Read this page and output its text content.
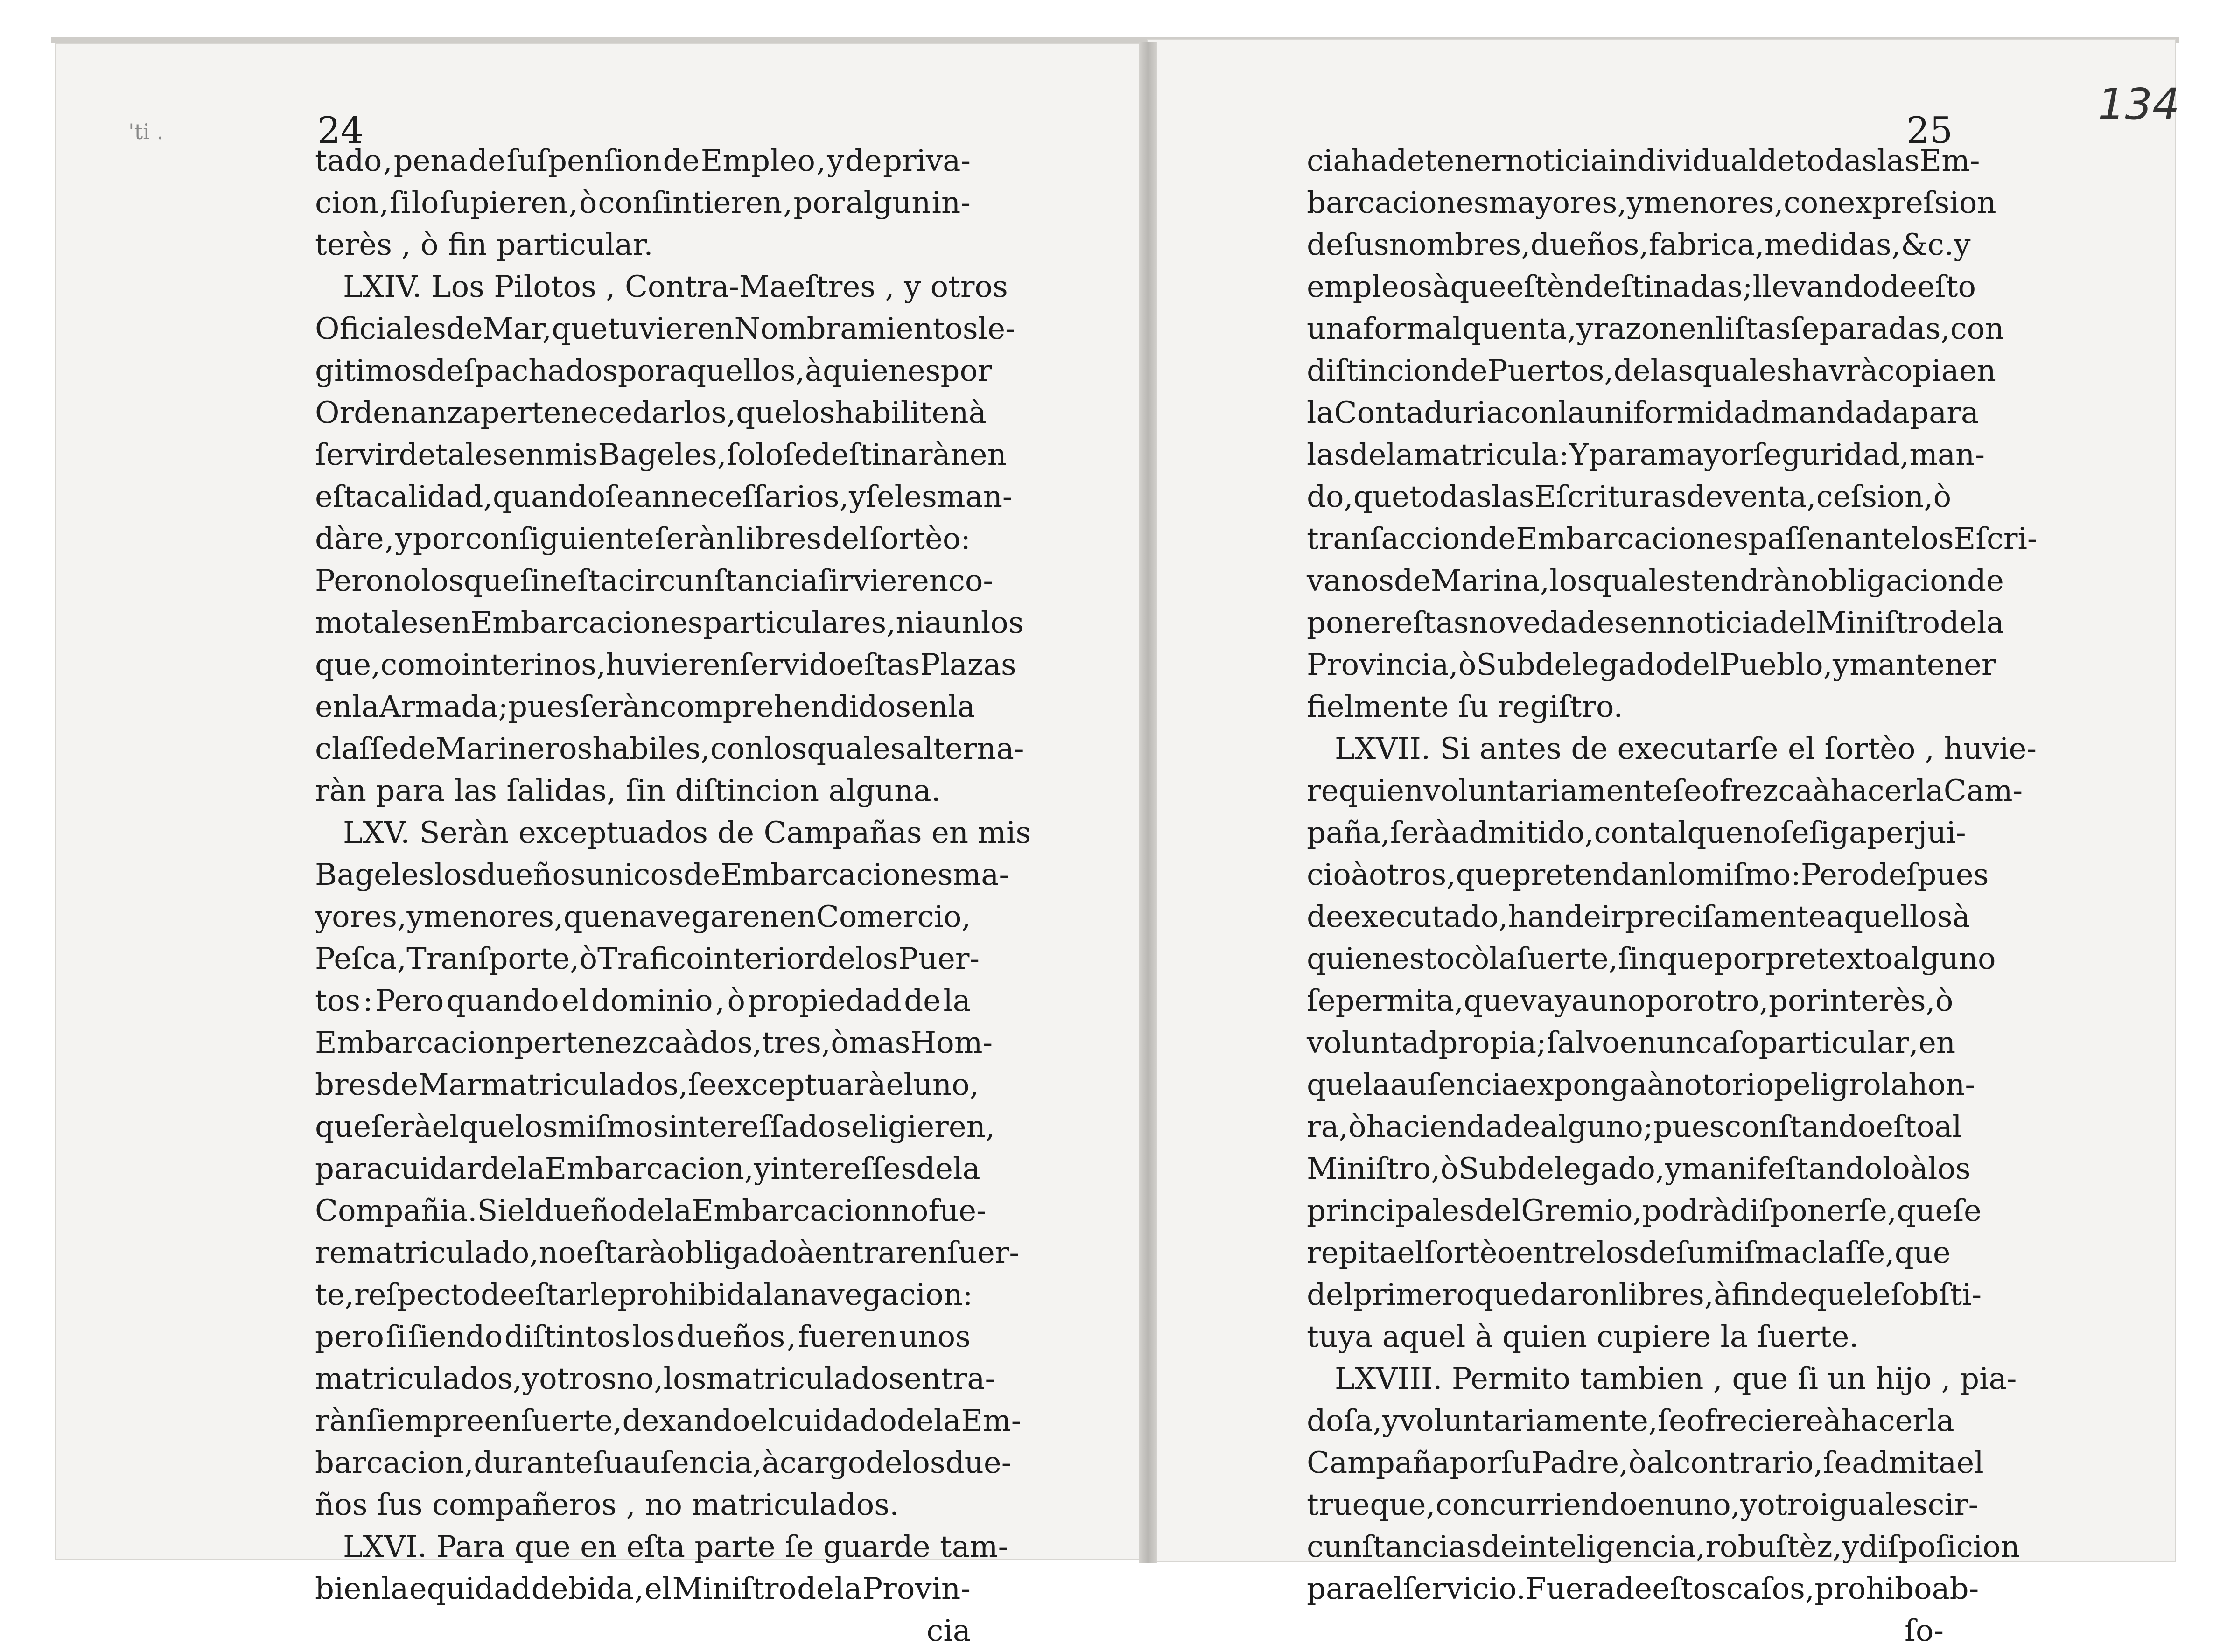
'ti .
134
24
tado , pena de ſuſpenſion de Empleo , y de priva-
cion , ſi lo ſupieren , ò conſintieren , por algun in-
terès , ò fin particular.
LXIV. Los Pilotos , Contra-Maeſtres , y otros
Oficiales de Mar, que tuvieren Nombramientos le-
gitimos deſpachados por aquellos , à quienes por
Ordenanza pertenece darlos , que los habiliten à
ſervir de tales en mis Bageles , ſolo ſe deſtinaràn en
eſta calidad , quando ſean neceſſarios, y ſe les man-
dàre , y por conſiguiente ſeràn libres del ſortèo:
Pero no los que ſin eſta circunſtancia ſirvieren co-
mo tales en Embarcaciones particulares, ni aun los
que , como interinos , huvieren ſervido eſtas Plazas
en la Armada ; pues ſeràn comprehendidos en la
claſſe de Marineros habiles , con los quales alterna-
ràn para las ſalidas, ſin diſtincion alguna.
LXV. Seràn exceptuados de Campañas en mis
Bageles los dueños unicos de Embarcaciones ma-
yores , y menores , que navegaren en Comercio,
Peſca , Tranſporte , ò Trafico interior de los Puer-
tos : Pero quando el dominio , ò propiedad de la
Embarcacion pertenezca à dos , tres , ò mas Hom-
bres de Mar matriculados , ſe exceptuarà el uno,
que ſerà el que los miſmos intereſſados eligieren,
para cuidar de la Embarcacion , y intereſſes de la
Compañia. Si el dueño de la Embarcacion no fue-
re matriculado, no eſtarà obligado à entrar en ſuer-
te , reſpecto de eſtarle prohibida la navegacion:
pero ſi ſiendo diſtintos los dueños , fueren unos
matriculados , y otros no , los matriculados entra-
ràn ſiempre en ſuerte,dexando el cuidado de la Em-
barcacion, durante ſu auſencia, à cargo de los due-
ños ſus compañeros , no matriculados.
LXVI. Para que en eſta parte ſe guarde tam-
bien la equidad debida , el Miniſtro de la Provin-
cia
25
cia ha de tener noticia individual de todas las Em-
barcaciones mayores , y menores , con expreſsion
de ſus nombres , dueños , fabrica , medidas , &c. y
empleos à que eſtèn deſtinadas ; llevando de eſto
una formal quenta, y razon en liſtas ſeparadas, con
diſtincion de Puertos, de las quales havrà copia en
la Contaduria con la uniformidad mandada para
las de la matricula: Y para mayor ſeguridad, man-
do , que todas las Eſcrituras de venta , ceſsion , ò
tranſaccion de Embarcaciones paſſen ante los Eſcri-
vanos de Marina , los quales tendràn obligacion de
poner eſtas novedades en noticia del Miniſtro de la
Provincia, ò Subdelegado del Pueblo , y mantener
fielmente ſu regiſtro.
LXVII. Si antes de executarſe el ſortèo , huvie-
re quien voluntariamente ſe ofrezca à hacer la Cam-
paña , ſerà admitido , con tal que no ſe ſiga perjui-
cio à otros , que pretendan lo miſmo : Pero deſpues
de executado , han de ir preciſamente aquellos à
quienes tocò la ſuerte , ſin que por pretexto alguno
ſe permita , que vaya uno por otro , por interès , ò
voluntad propia ; ſalvo en un caſo particular , en
que la auſencia exponga à notorio peligro la hon-
ra , ò hacienda de alguno ; pues conſtando eſto al
Miniſtro , ò Subdelegado , y manifeſtandolo à los
principales del Gremio , podrà diſponerſe , que ſe
repita el ſortèo entre los de ſu miſma claſſe , que
del primero quedaron libres , à fin de que le ſobſti-
tuya aquel à quien cupiere la ſuerte.
LXVIII. Permito tambien , que ſi un hijo , pia-
doſa , y voluntariamente , ſe ofreciere à hacer la
Campaña por ſu Padre, ò al contrario, ſe admita el
trueque , concurriendo en uno , y otro iguales cir-
cunſtancias de inteligencia, robuſtèz, y diſpoſicion
para el ſervicio. Fuera de eſtos caſos , prohibo ab-
ſo-
